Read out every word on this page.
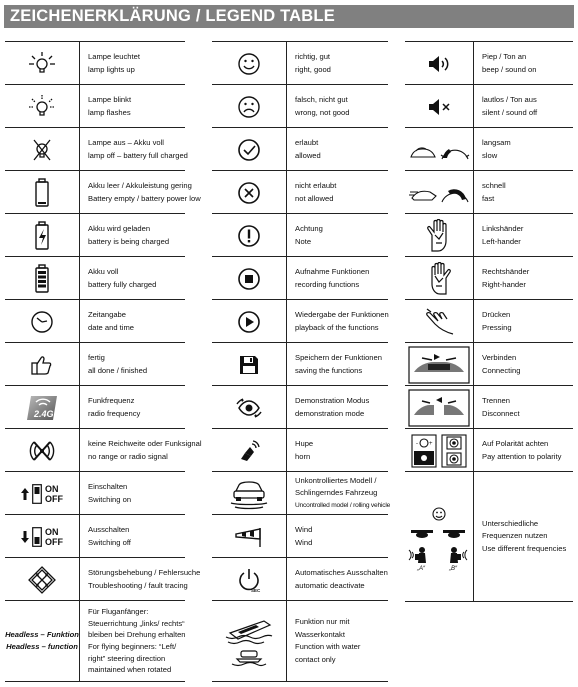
ZEICHENERKLÄRUNG / LEGEND TABLE
Lampe leuchtet
lamp lights up
Lampe blinkt
lamp flashes
Lampe aus – Akku voll
lamp off – battery full charged
Akku leer / Akkuleistung gering
Battery empty / battery power low
Akku wird geladen
battery is being charged
Akku voll
battery fully charged
Zeitangabe
date and time
fertig
all done / finished
2.4G
Funkfrequenz
radio frequency
keine Reichweite oder Funksignal
no range or radio signal
ON
OFF
Einschalten
Switching on
ON
OFF
Ausschalten
Switching off
Störungsbehebung / Fehlersuche
Troubleshooting / fault tracing
Headless – Funktion
Headless – function
Für Fluganfänger:
Steuerrichtung „links/ rechts“
bleiben bei Drehung erhalten
For flying beginners: “Left/
right” steering direction
maintained when rotated
richtig, gut
right, good
falsch, nicht gut
wrong, not good
erlaubt
allowed
nicht erlaubt
not allowed
Achtung
Note
Aufnahme Funktionen
recording functions
Wiedergabe der Funktionen
playback of the functions
Speichern der Funktionen
saving the functions
Demonstration Modus
demonstration mode
Hupe
horn
Unkontrolliertes Modell /
Schlingerndes Fahrzeug
Uncontrolled model / rolling vehicle
Wind
Wind
SEC
Automatisches Ausschalten
automatic deactivate
Funktion nur mit
Wasserkontakt
Function with water
contact only
Piep / Ton an
beep / sound on
lautlos / Ton aus
silent / sound off
langsam
slow
schnell
fast
Linkshänder
Left-hander
Rechtshänder
Right-hander
Drücken
Pressing
Verbinden
Connecting
Trennen
Disconnect
- +	Auf Polarität achten
Pay attention to polarity
„A“	„B“
Unterschiedliche
Frequenzen nutzen
Use different frequencies
